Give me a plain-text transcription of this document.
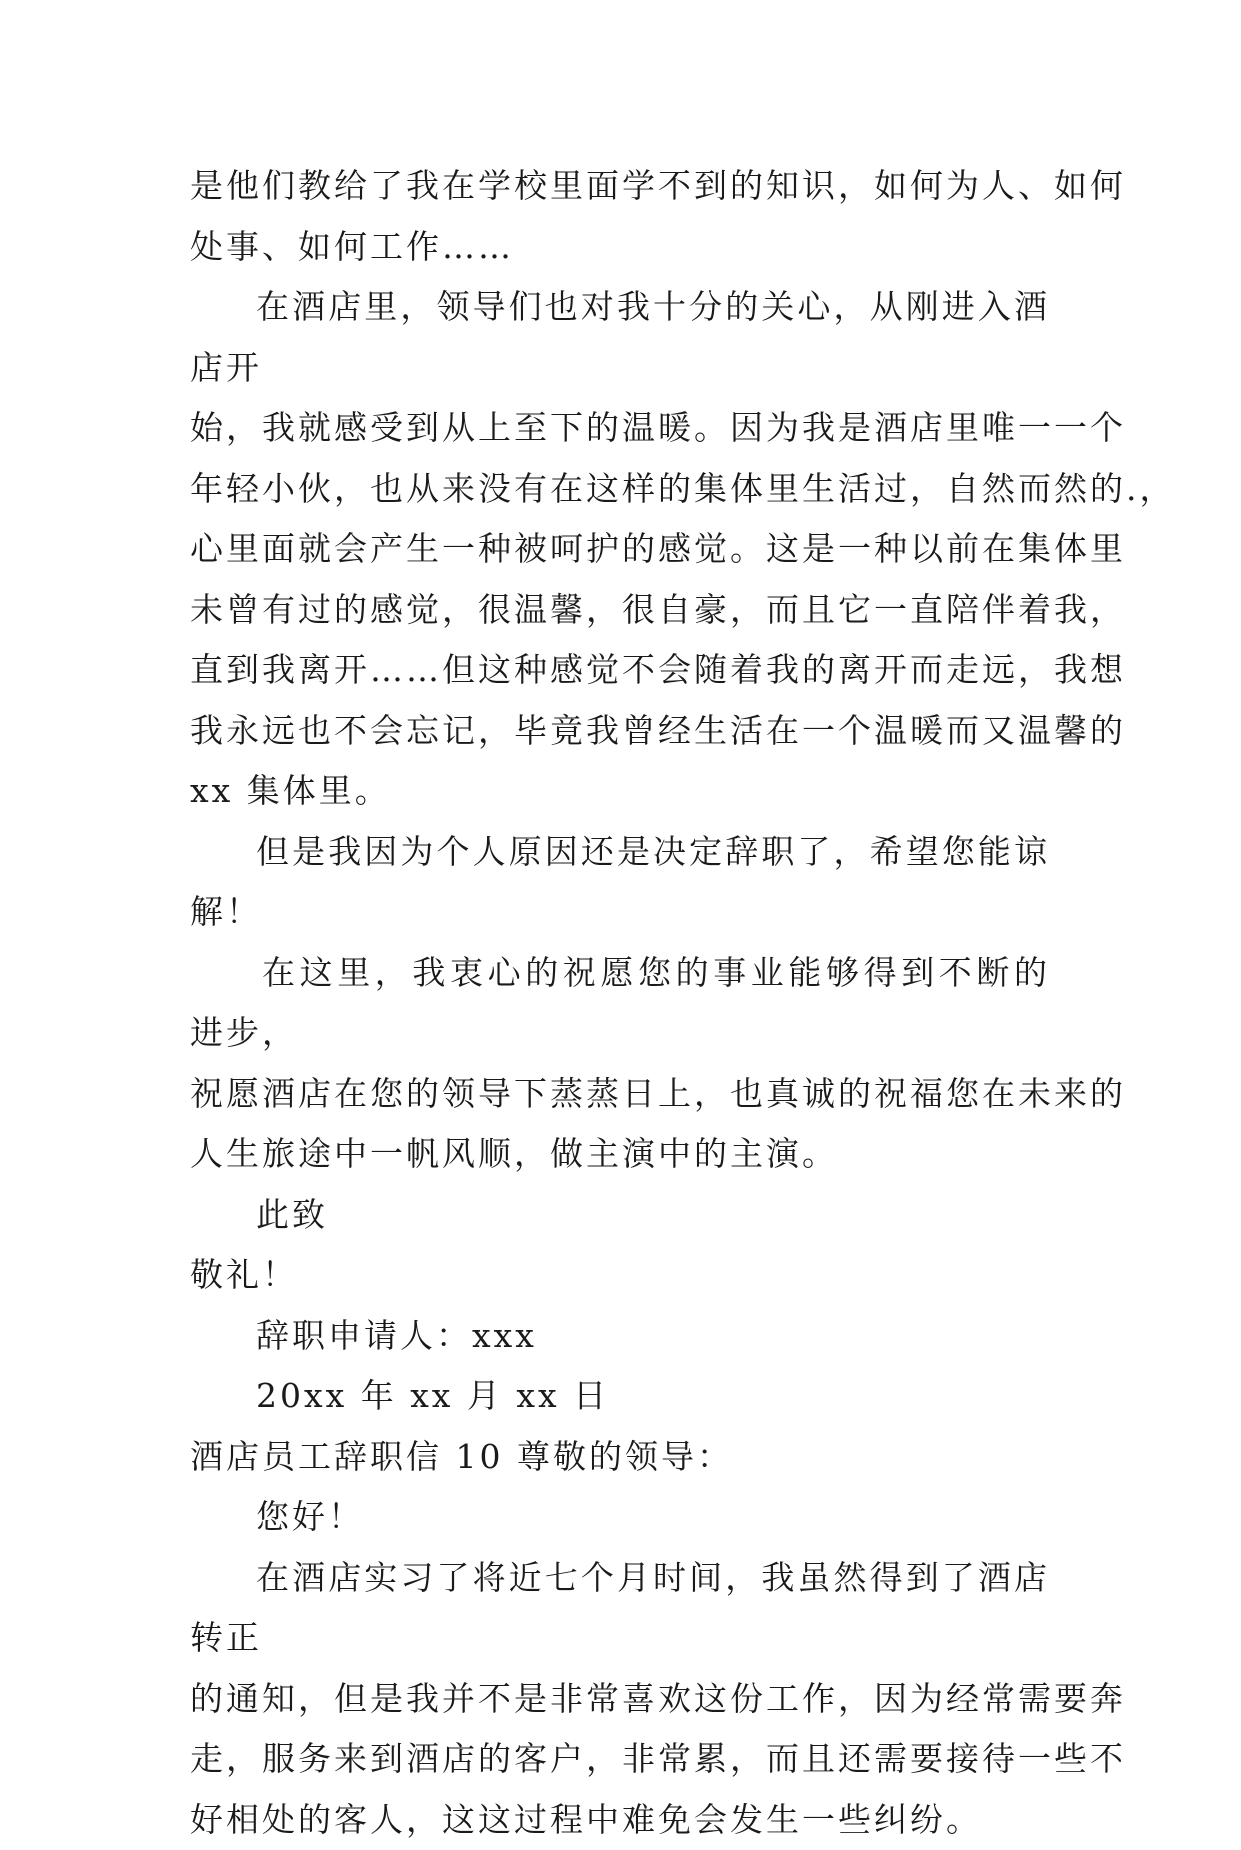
是他们教给了我在学校里面学不到的知识，如何为人、如何
处事、如何工作……

在酒店里，领导们也对我十分的关心，从刚进入酒店开

始，我就感受到从上至下的温暖。因为我是酒店里唯一一个
年轻小伙，也从来没有在这样的集体里生活过，自然而然的.，
心里面就会产生一种被呵护的感觉。这是一种以前在集体里
未曾有过的感觉，很温馨，很自豪，而且它一直陪伴着我，
直到我离开……但这种感觉不会随着我的离开而走远，我想
我永远也不会忘记，毕竟我曾经生活在一个温暖而又温馨的
xx 集体里。

但是我因为个人原因还是决定辞职了，希望您能谅解！

在这里，我衷心的祝愿您的事业能够得到不断的进步，

祝愿酒店在您的领导下蒸蒸日上，也真诚的祝福您在未来的
人生旅途中一帆风顺，做主演中的主演。

此致

敬礼！

辞职申请人：xxx

20xx 年 xx 月 xx 日

酒店员工辞职信 10 尊敬的领导：

您好！

在酒店实习了将近七个月时间，我虽然得到了酒店转正

的通知，但是我并不是非常喜欢这份工作，因为经常需要奔
走，服务来到酒店的客户，非常累，而且还需要接待一些不
好相处的客人，这这过程中难免会发生一些纠纷。
